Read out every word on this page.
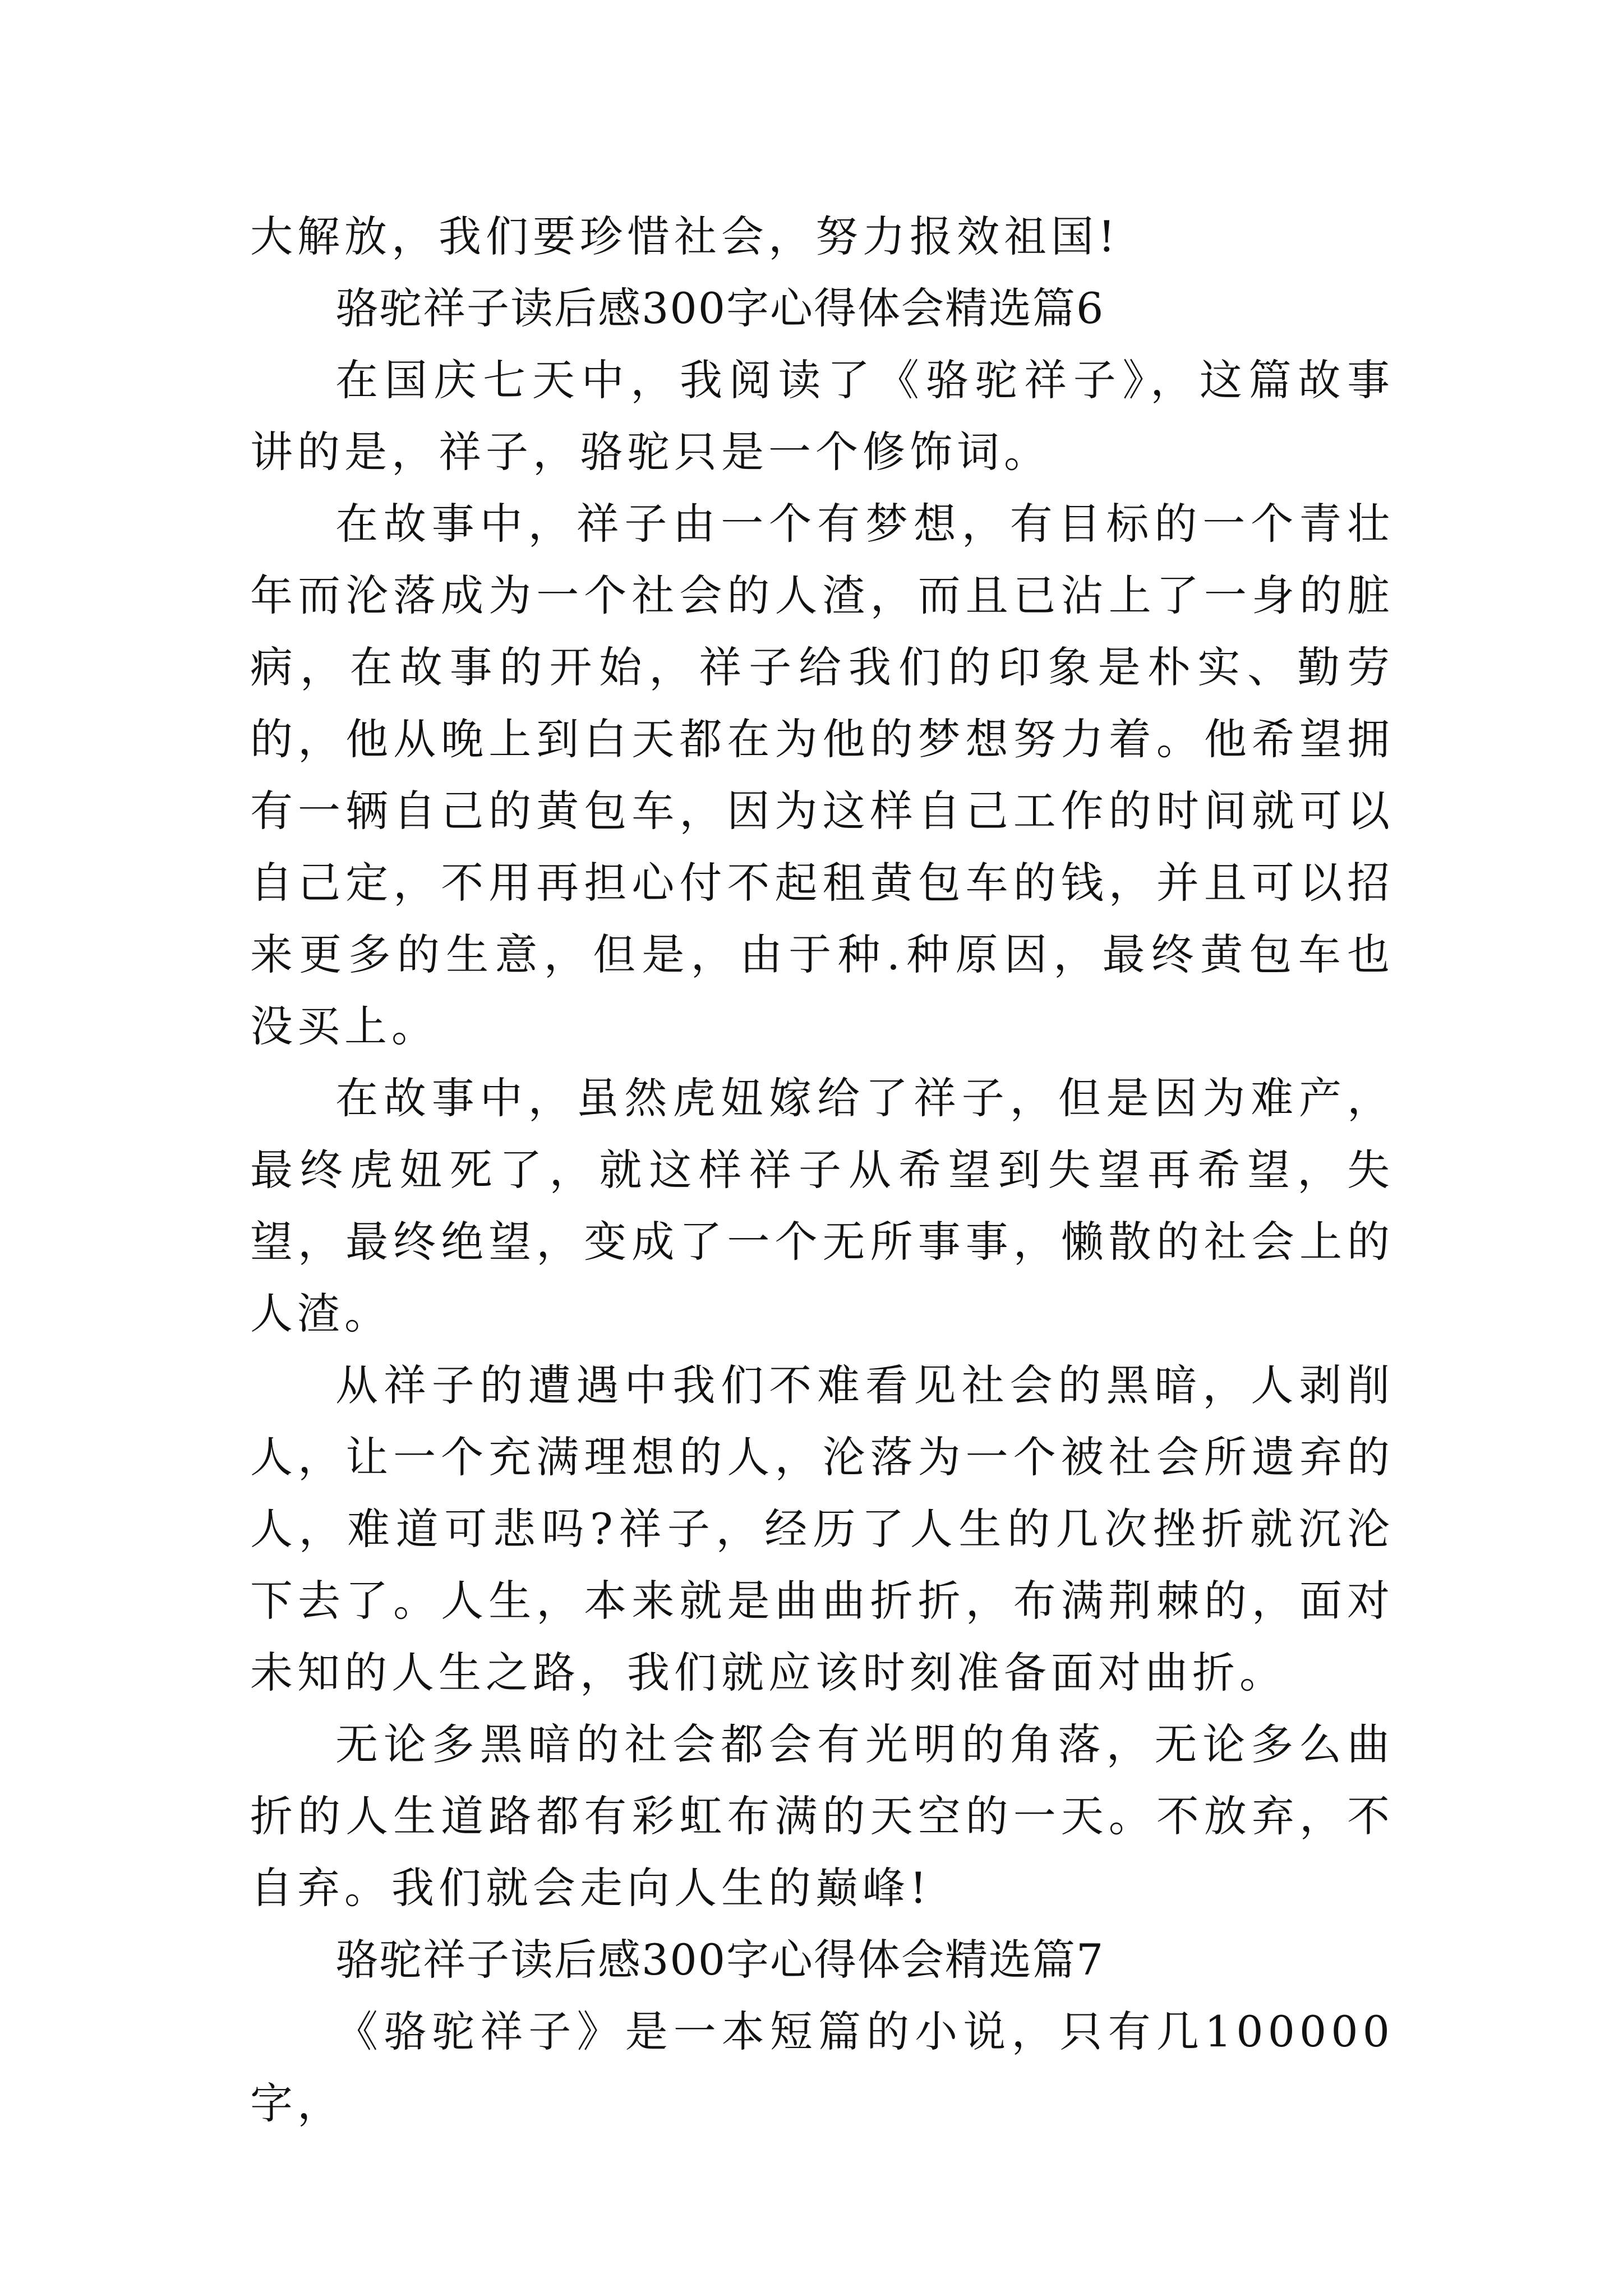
大解放，我们要珍惜社会，努力报效祖国!

骆驼祥子读后感300字心得体会精选篇6

在国庆七天中，我阅读了《骆驼祥子》，这篇故事讲的是，祥子，骆驼只是一个修饰词。

在故事中，祥子由一个有梦想，有目标的一个青壮年而沦落成为一个社会的人渣，而且已沾上了一身的脏病，在故事的开始，祥子给我们的印象是朴实、勤劳的，他从晚上到白天都在为他的梦想努力着。他希望拥有一辆自己的黄包车，因为这样自己工作的时间就可以自己定，不用再担心付不起租黄包车的钱，并且可以招来更多的生意，但是，由于种.种原因，最终黄包车也没买上。

在故事中，虽然虎妞嫁给了祥子，但是因为难产，最终虎妞死了，就这样祥子从希望到失望再希望，失望，最终绝望，变成了一个无所事事，懒散的社会上的人渣。

从祥子的遭遇中我们不难看见社会的黑暗，人剥削人，让一个充满理想的人，沦落为一个被社会所遗弃的人，难道可悲吗?祥子，经历了人生的几次挫折就沉沦下去了。人生，本来就是曲曲折折，布满荆棘的，面对未知的人生之路，我们就应该时刻准备面对曲折。

无论多黑暗的社会都会有光明的角落，无论多么曲折的人生道路都有彩虹布满的天空的一天。不放弃，不自弃。我们就会走向人生的巅峰!

骆驼祥子读后感300字心得体会精选篇7

《骆驼祥子》是一本短篇的小说，只有几100000字，
